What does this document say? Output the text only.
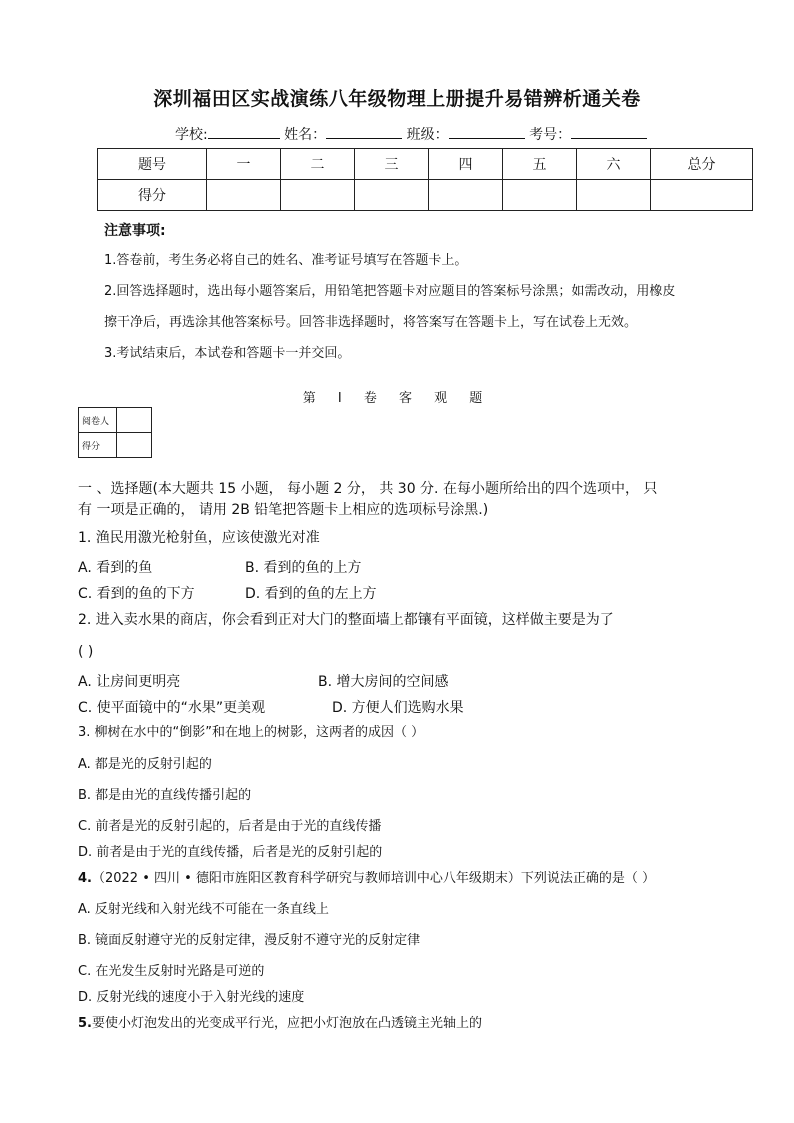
深圳福田区实战演练八年级物理上册提升易错辨析通关卷
学校:	姓名：	班级：	考号：
题号	一	二	三	四	五	六	总分
得分							
注意事项:
1.答卷前，考生务必将自己的姓名、准考证号填写在答题卡上。
2.回答选择题时，选出每小题答案后，用铅笔把答题卡对应题目的答案标号涂黑；如需改动，用橡皮
擦干净后，再选涂其他答案标号。回答非选择题时，将答案写在答题卡上，写在试卷上无效。
3.考试结束后，本试卷和答题卡一并交回。
第 I 卷 客 观 题
阅卷人	
得分	
一 、选择题(本大题共 15 小题， 每小题 2 分， 共 30 分. 在每小题所给出的四个选项中， 只
有 一项是正确的， 请用 2B 铅笔把答题卡上相应的选项标号涂黑.)
1. 渔民用激光枪射鱼，应该使激光对准
A. 看到的鱼	B. 看到的鱼的上方
C. 看到的鱼的下方	D. 看到的鱼的左上方
2. 进入卖水果的商店，你会看到正对大门的整面墙上都镶有平面镜，这样做主要是为了
( )
A. 让房间更明亮	B. 增大房间的空间感
C. 使平面镜中的“水果”更美观	D. 方便人们选购水果
3. 柳树在水中的“倒影”和在地上的树影，这两者的成因（ ）
A. 都是光的反射引起的
B. 都是由光的直线传播引起的
C. 前者是光的反射引起的，后者是由于光的直线传播
D. 前者是由于光的直线传播，后者是光的反射引起的
4.（2022 • 四川 • 德阳市旌阳区教育科学研究与教师培训中心八年级期末）下列说法正确的是（ ）
A. 反射光线和入射光线不可能在一条直线上
B. 镜面反射遵守光的反射定律，漫反射不遵守光的反射定律
C. 在光发生反射时光路是可逆的
D. 反射光线的速度小于入射光线的速度
5.要使小灯泡发出的光变成平行光，应把小灯泡放在凸透镜主光轴上的
